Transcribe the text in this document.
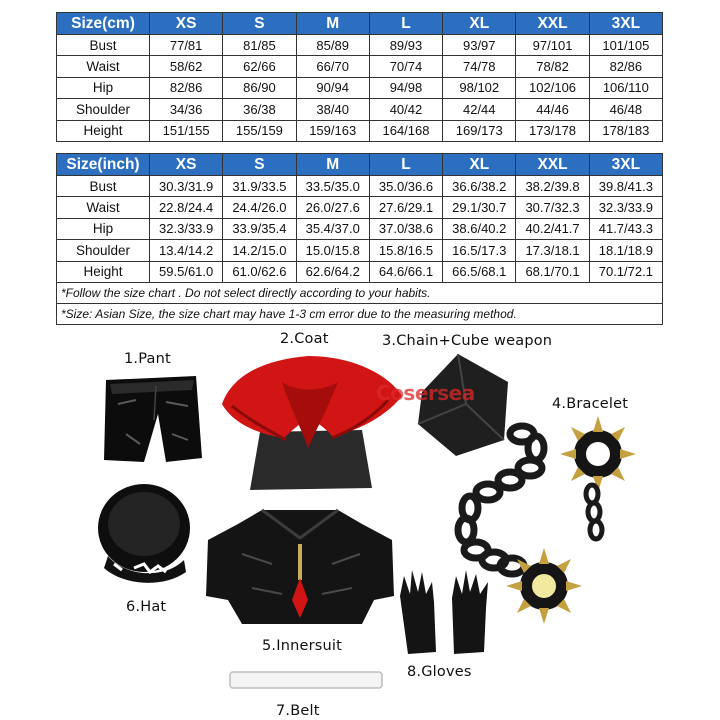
Size(cm)	XS	S	M	L	XL	XXL	3XL
Bust	77/81	81/85	85/89	89/93	93/97	97/101	101/105
Waist	58/62	62/66	66/70	70/74	74/78	78/82	82/86
Hip	82/86	86/90	90/94	94/98	98/102	102/106	106/110
Shoulder	34/36	36/38	38/40	40/42	42/44	44/46	46/48
Height	151/155	155/159	159/163	164/168	169/173	173/178	178/183
Size(inch)	XS	S	M	L	XL	XXL	3XL
Bust	30.3/31.9	31.9/33.5	33.5/35.0	35.0/36.6	36.6/38.2	38.2/39.8	39.8/41.3
Waist	22.8/24.4	24.4/26.0	26.0/27.6	27.6/29.1	29.1/30.7	30.7/32.3	32.3/33.9
Hip	32.3/33.9	33.9/35.4	35.4/37.0	37.0/38.6	38.6/40.2	40.2/41.7	41.7/43.3
Shoulder	13.4/14.2	14.2/15.0	15.0/15.8	15.8/16.5	16.5/17.3	17.3/18.1	18.1/18.9
Height	59.5/61.0	61.0/62.6	62.6/64.2	64.6/66.1	66.5/68.1	68.1/70.1	70.1/72.1
*Follow the size chart . Do not select directly according to your habits.							
*Size: Asian Size, the size chart may have 1-3 cm error due to the measuring method.							
1.Pant
2.Coat	3.Chain+Cube weapon
4.Bracelet
6.Hat
5.Innersuit
8.Gloves
7.Belt
Cosersea
